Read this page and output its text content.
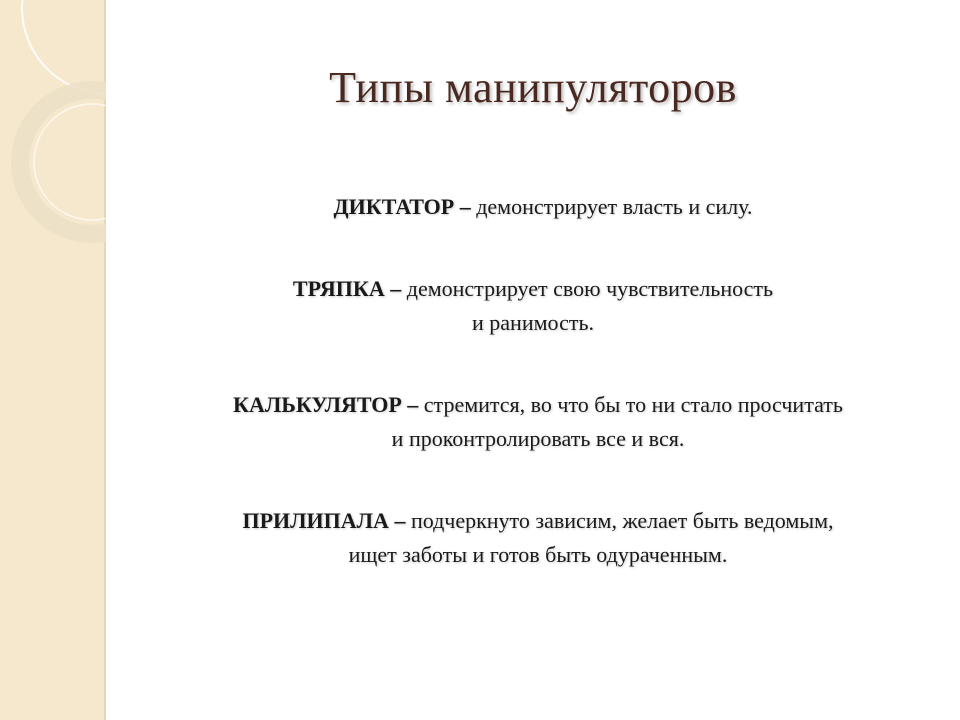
Типы манипуляторов
ДИКТАТОР – демонстрирует власть и силу.
ТРЯПКА – демонстрирует свою чувствительность
и ранимость.
КАЛЬКУЛЯТОР – стремится, во что бы то ни стало просчитать
и проконтролировать все и вся.
ПРИЛИПАЛА – подчеркнуто зависим, желает быть ведомым,
ищет заботы и готов быть одураченным.
